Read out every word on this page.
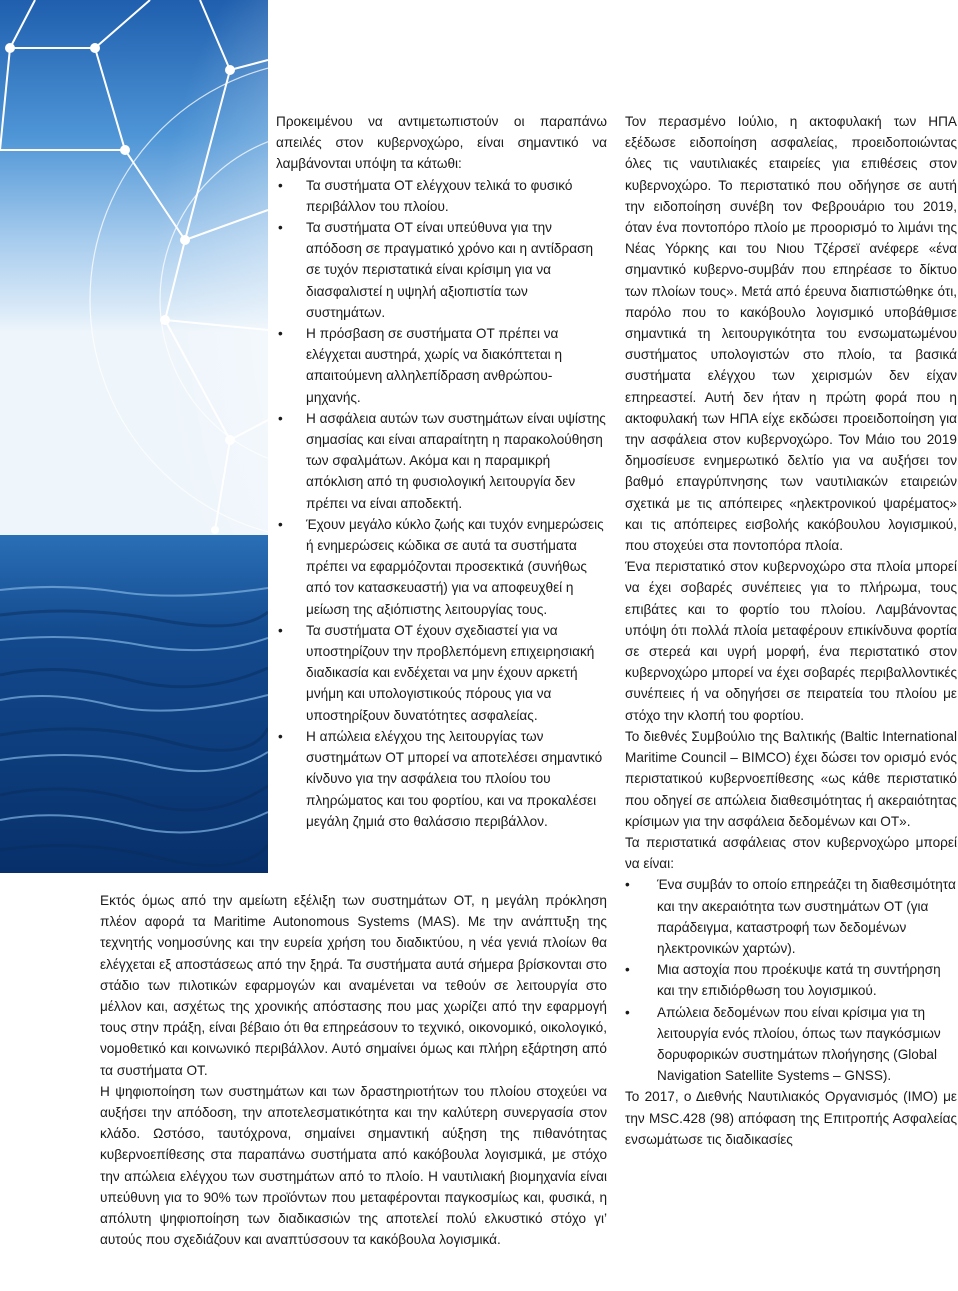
Προκειμένου να αντιμετωπιστούν οι παραπάνω απειλές στον κυβερνοχώρο, είναι σημαντικό να λαμβάνονται υπόψη τα κάτωθι:

• Τα συστήματα OT ελέγχουν τελικά το φυσικό περιβάλλον του πλοίου.
• Τα συστήματα OT είναι υπεύθυνα για την απόδοση σε πραγματικό χρόνο και η αντίδραση σε τυχόν περιστατικά είναι κρίσιμη για να διασφαλιστεί η υψηλή αξιοπιστία των συστημάτων.
• Η πρόσβαση σε συστήματα OT πρέπει να ελέγχεται αυστηρά, χωρίς να διακόπτεται η απαιτούμενη αλληλεπίδραση ανθρώπου-μηχανής.
• Η ασφάλεια αυτών των συστημάτων είναι υψίστης σημασίας και είναι απαραίτητη η παρακολούθηση των σφαλμάτων. Ακόμα και η παραμικρή απόκλιση από τη φυσιολογική λειτουργία δεν πρέπει να είναι αποδεκτή.
• Έχουν μεγάλο κύκλο ζωής και τυχόν ενημερώσεις ή ενημερώσεις κώδικα σε αυτά τα συστήματα πρέπει να εφαρμόζονται προσεκτικά (συνήθως από τον κατασκευαστή) για να αποφευχθεί η μείωση της αξιόπιστης λειτουργίας τους.
• Τα συστήματα OT έχουν σχεδιαστεί για να υποστηρίζουν την προβλεπόμενη επιχειρησιακή διαδικασία και ενδέχεται να μην έχουν αρκετή μνήμη και υπολογιστικούς πόρους για να υποστηρίξουν δυνατότητες ασφαλείας.
• Η απώλεια ελέγχου της λειτουργίας των συστημάτων OT μπορεί να αποτελέσει σημαντικό κίνδυνο για την ασφάλεια του πλοίου του πληρώματος και του φορτίου, και να προκαλέσει μεγάλη ζημιά στο θαλάσσιο περιβάλλον.

Εκτός όμως από την αμείωτη εξέλιξη των συστημάτων OT, η μεγάλη πρόκληση πλέον αφορά τα Maritime Autonomous Systems (MAS). Με την ανάπτυξη της τεχνητής νοημοσύνης και την ευρεία χρήση του διαδικτύου, η νέα γενιά πλοίων θα ελέγχεται εξ αποστάσεως από την ξηρά. Τα συστήματα αυτά σήμερα βρίσκονται στο στάδιο των πιλοτικών εφαρμογών και αναμένεται να τεθούν σε λειτουργία στο μέλλον και, ασχέτως της χρονικής απόστασης που μας χωρίζει από την εφαρμογή τους στην πράξη, είναι βέβαιο ότι θα επηρεάσουν το τεχνικό, οικονομικό, οικολογικό, νομοθετικό και κοινωνικό περιβάλλον. Αυτό σημαίνει όμως και πλήρη εξάρτηση από τα συστήματα OT.

Η ψηφιοποίηση των συστημάτων και των δραστηριοτήτων του πλοίου στοχεύει να αυξήσει την απόδοση, την αποτελεσματικότητα και την καλύτερη συνεργασία στον κλάδο. Ωστόσο, ταυτόχρονα, σημαίνει σημαντική αύξηση της πιθανότητας κυβερνοεπίθεσης στα παραπάνω συστήματα από κακόβουλα λογισμικά, με στόχο την απώλεια ελέγχου των συστημάτων από το πλοίο. Η ναυτιλιακή βιομηχανία είναι υπεύθυνη για το 90% των προϊόντων που μεταφέρονται παγκοσμίως και, φυσικά, η απόλυτη ψηφιοποίηση των διαδικασιών της αποτελεί πολύ ελκυστικό στόχο γι’ αυτούς που σχεδιάζουν και αναπτύσσουν τα κακόβουλα λογισμικά.

Τον περασμένο Ιούλιο, η ακτοφυλακή των ΗΠΑ εξέδωσε ειδοποίηση ασφαλείας, προειδοποιώντας όλες τις ναυτιλιακές εταιρείες για επιθέσεις στον κυβερνοχώρο. Το περιστατικό που οδήγησε σε αυτή την ειδοποίηση συνέβη τον Φεβρουάριο του 2019, όταν ένα ποντοπόρο πλοίο με προορισμό το λιμάνι της Νέας Υόρκης και του Νιου Τζέρσεϊ ανέφερε «ένα σημαντικό κυβερνο-συμβάν που επηρέασε το δίκτυο των πλοίων τους». Μετά από έρευνα διαπιστώθηκε ότι, παρόλο που το κακόβουλο λογισμικό υποβάθμισε σημαντικά τη λειτουργικότητα του ενσωματωμένου συστήματος υπολογιστών στο πλοίο, τα βασικά συστήματα ελέγχου των χειρισμών δεν είχαν επηρεαστεί. Αυτή δεν ήταν η πρώτη φορά που η ακτοφυλακή των ΗΠΑ είχε εκδώσει προειδοποίηση για την ασφάλεια στον κυβερνοχώρο. Τον Μάιο του 2019 δημοσίευσε ενημερωτικό δελτίο για να αυξήσει τον βαθμό επαγρύπνησης των ναυτιλιακών εταιρειών σχετικά με τις απόπειρες «ηλεκτρονικού ψαρέματος» και τις απόπειρες εισβολής κακόβουλου λογισμικού, που στοχεύει στα ποντοπόρα πλοία.

Ένα περιστατικό στον κυβερνοχώρο στα πλοία μπορεί να έχει σοβαρές συνέπειες για το πλήρωμα, τους επιβάτες και το φορτίο του πλοίου. Λαμβάνοντας υπόψη ότι πολλά πλοία μεταφέρουν επικίνδυνα φορτία σε στερεά και υγρή μορφή, ένα περιστατικό στον κυβερνοχώρο μπορεί να έχει σοβαρές περιβαλλοντικές συνέπειες ή να οδηγήσει σε πειρατεία του πλοίου με στόχο την κλοπή του φορτίου.

Το διεθνές Συμβούλιο της Βαλτικής (Baltic International Maritime Council – BIMCO) έχει δώσει τον ορισμό ενός περιστατικού κυβερνοεπίθεσης «ως κάθε περιστατικό που οδηγεί σε απώλεια διαθεσιμότητας ή ακεραιότητας κρίσιμων για την ασφάλεια δεδομένων και OT».

Τα περιστατικά ασφάλειας στον κυβερνοχώρο μπορεί να είναι:

• Ένα συμβάν το οποίο επηρεάζει τη διαθεσιμότητα και την ακεραιότητα των συστημάτων OT (για παράδειγμα, καταστροφή των δεδομένων ηλεκτρονικών χαρτών).
• Μια αστοχία που προέκυψε κατά τη συντήρηση και την επιδιόρθωση του λογισμικού.
• Απώλεια δεδομένων που είναι κρίσιμα για τη λειτουργία ενός πλοίου, όπως των παγκόσμιων δορυφορικών συστημάτων πλοήγησης (Global Navigation Satellite Systems – GNSS).

Το 2017, ο Διεθνής Ναυτιλιακός Οργανισμός (IMO) με την MSC.428 (98) απόφαση της Επιτροπής Ασφαλείας ενσωμάτωσε τις διαδικασίες
